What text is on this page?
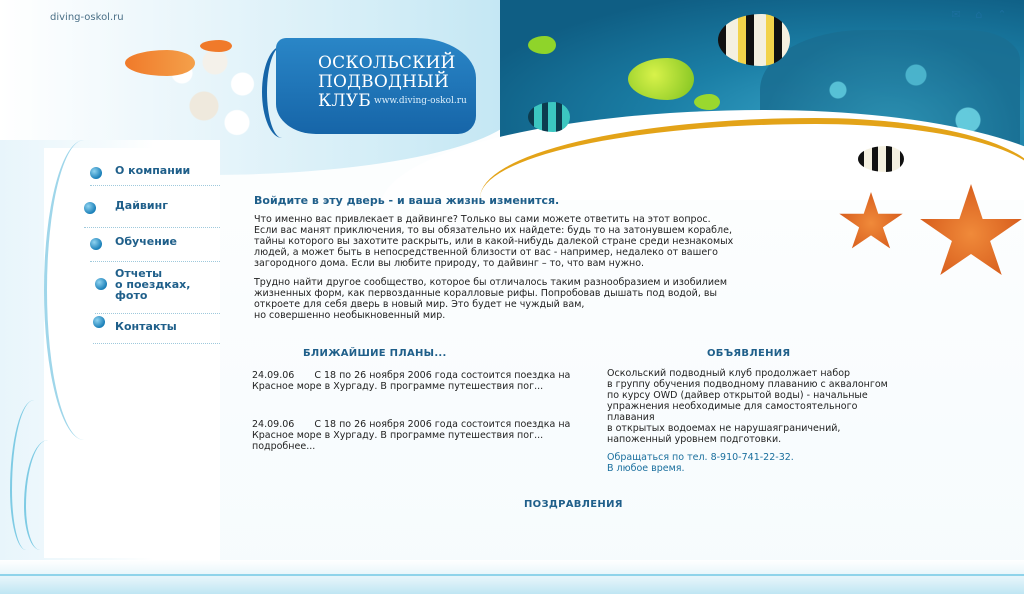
diving-oskol.ru	✉ ⌂ ⌃
ОСКОЛЬСКИЙ
ПОДВОДНЫЙ КЛУБ www.diving-oskol.ru
О компании
Дайвинг
Обучение
Отчеты
о поездках,
фото
Контакты
Войдите в эту дверь - и ваша жизнь изменится.
Что именно вас привлекает в дайвинге? Только вы сами можете ответить на этот вопрос.
Если вас манят приключения, то вы обязательно их найдете: будь то на затонувшем корабле,
тайны которого вы захотите раскрыть, или в какой-нибудь далекой стране среди незнакомых
людей, а может быть в непосредственной близости от вас - например, недалеко от вашего
загородного дома. Если вы любите природу, то дайвинг – то, что вам нужно.
Трудно найти другое сообщество, которое бы отличалось таким разнообразием и изобилием
жизненных форм, как первозданные коралловые рифы. Попробовав дышать под водой, вы
откроете для себя дверь в новый мир. Это будет не чуждый вам,
но совершенно необыкновенный мир.
БЛИЖАЙШИЕ ПЛАНЫ...
24.09.06 С 18 по 26 ноября 2006 года состоится поездка на Красное море в Хургаду. В программе путешествия пог...
24.09.06 С 18 по 26 ноября 2006 года состоится поездка на Красное море в Хургаду. В программе путешествия пог... подробнее...
ОБЪЯВЛЕНИЯ
Оскольский подводный клуб продолжает набор
в группу обучения подводному плаванию с аквалонгом
по курсу OWD (дайвер открытой воды) - начальные
упражнения необходимые для самостоятельного
плавания
в открытых водоемах не нарушаяграничений,
напоженный уровнем подготовки.
Обращаться по тел. 8-910-741-22-32.
В любое время.
ПОЗДРАВЛЕНИЯ
